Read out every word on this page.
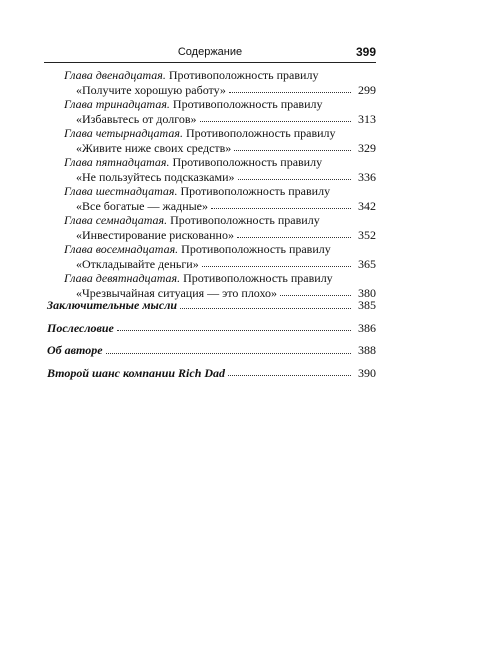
Содержание	399
Глава двенадцатая. Противоположность правилу
«Получите хорошую работу»	299
Глава тринадцатая. Противоположность правилу
«Избавьтесь от долгов»	313
Глава четырнадцатая. Противоположность правилу
«Живите ниже своих средств»	329
Глава пятнадцатая. Противоположность правилу
«Не пользуйтесь подсказками»	336
Глава шестнадцатая. Противоположность правилу
«Все богатые — жадные»	342
Глава семнадцатая. Противоположность правилу
«Инвестирование рискованно»	352
Глава восемнадцатая. Противоположность правилу
«Откладывайте деньги»	365
Глава девятнадцатая. Противоположность правилу
«Чрезвычайная ситуация — это плохо»	380
Заключительные мысли	385
Послесловие	386
Об авторе	388
Второй шанс компании Rich Dad	390
